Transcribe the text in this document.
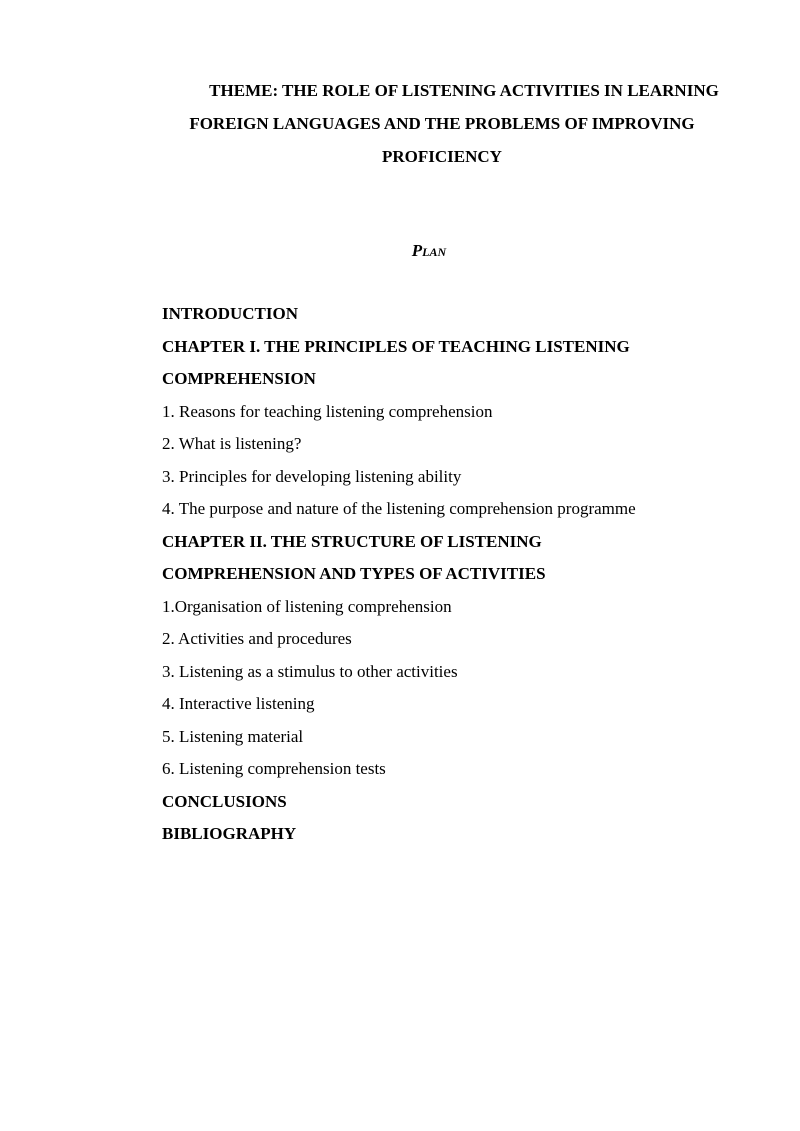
THEME: THE ROLE OF LISTENING ACTIVITIES IN LEARNING
FOREIGN LANGUAGES AND THE PROBLEMS OF IMPROVING
PROFICIENCY
Plan
INTRODUCTION
CHAPTER I. THE PRINCIPLES OF TEACHING LISTENING
COMPREHENSION
1. Reasons for teaching listening comprehension
2. What is listening?
3. Principles for developing listening ability
4. The purpose and nature of the listening comprehension programme
CHAPTER II. THE STRUCTURE OF LISTENING
COMPREHENSION AND TYPES OF ACTIVITIES
1.Organisation of listening comprehension
2. Activities and procedures
3. Listening as a stimulus to other activities
4. Interactive listening
5. Listening material
6. Listening comprehension tests
CONCLUSIONS
BIBLIOGRAPHY
